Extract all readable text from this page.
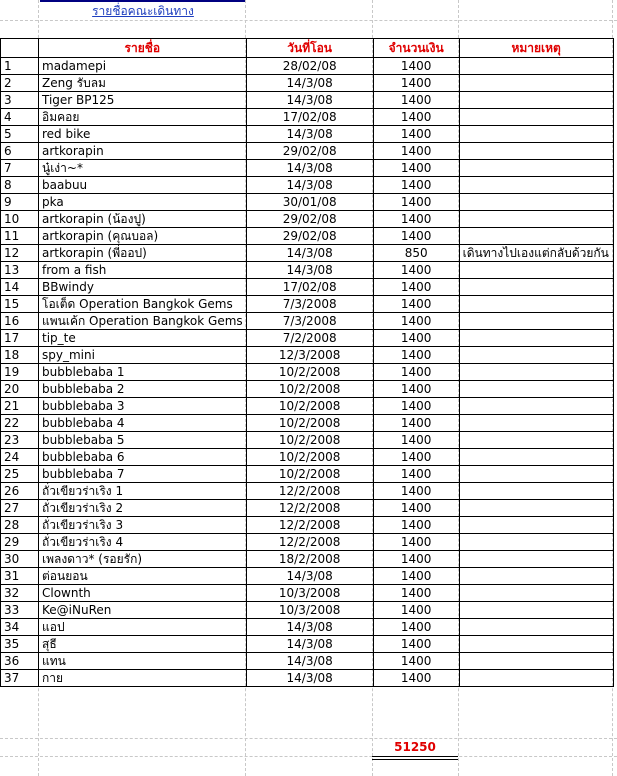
รายชื่อคณะเดินทาง
	รายชื่อ	วันที่โอน	จำนวนเงิน	หมายเหตุ
1	madamepi	28/02/08	1400	
2	Zeng รับลม	14/3/08	1400	
3	Tiger BP125	14/3/08	1400	
4	อิมคอย	17/02/08	1400	
5	red bike	14/3/08	1400	
6	artkorapin	29/02/08	1400	
7	นู๋เง่า~*	14/3/08	1400	
8	baabuu	14/3/08	1400	
9	pka	30/01/08	1400	
10	artkorapin (น้องปู)	29/02/08	1400	
11	artkorapin (คุณบอล)	29/02/08	1400	
12	artkorapin (พี่ออป)	14/3/08	850	เดินทางไปเองแต่กลับด้วยกัน
13	from a fish	14/3/08	1400	
14	BBwindy	17/02/08	1400	
15	โอเต็ด Operation Bangkok Gems	7/3/2008	1400	
16	แพนเค้ก Operation Bangkok Gems	7/3/2008	1400	
17	tip_te	7/2/2008	1400	
18	spy_mini	12/3/2008	1400	
19	bubblebaba 1	10/2/2008	1400	
20	bubblebaba 2	10/2/2008	1400	
21	bubblebaba 3	10/2/2008	1400	
22	bubblebaba 4	10/2/2008	1400	
23	bubblebaba 5	10/2/2008	1400	
24	bubblebaba 6	10/2/2008	1400	
25	bubblebaba 7	10/2/2008	1400	
26	ถั่วเขียวร่าเริง 1	12/2/2008	1400	
27	ถั่วเขียวร่าเริง 2	12/2/2008	1400	
28	ถั่วเขียวร่าเริง 3	12/2/2008	1400	
29	ถั่วเขียวร่าเริง 4	12/2/2008	1400	
30	เพลงดาว* (รอยรัก)	18/2/2008	1400	
31	ต่อนยอน	14/3/08	1400	
32	Clownth	10/3/2008	1400	
33	Ke@iNuRen	10/3/2008	1400	
34	แอป	14/3/08	1400	
35	สุธี	14/3/08	1400	
36	แทน	14/3/08	1400	
37	กาย	14/3/08	1400	
51250
